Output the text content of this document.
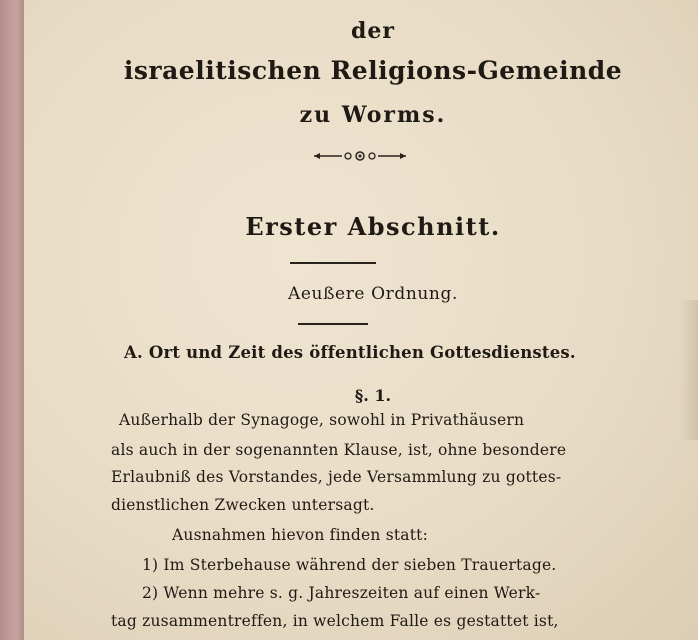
der
israelitischen Religions-Gemeinde
zu Worms.
Erster Abschnitt.
Aeußere Ordnung.
A. Ort und Zeit des öffentlichen Gottesdienstes.
§. 1.
Außerhalb der Synagoge, sowohl in Privathäusern
als auch in der sogenannten Klause, ist, ohne besondere
Erlaubniß des Vorstandes, jede Versammlung zu gottes-
dienstlichen Zwecken untersagt.
Ausnahmen hievon finden statt:
1) Im Sterbehause während der sieben Trauertage.
2) Wenn mehre s. g. Jahreszeiten auf einen Werk-
tag zusammentreffen, in welchem Falle es gestattet ist,
